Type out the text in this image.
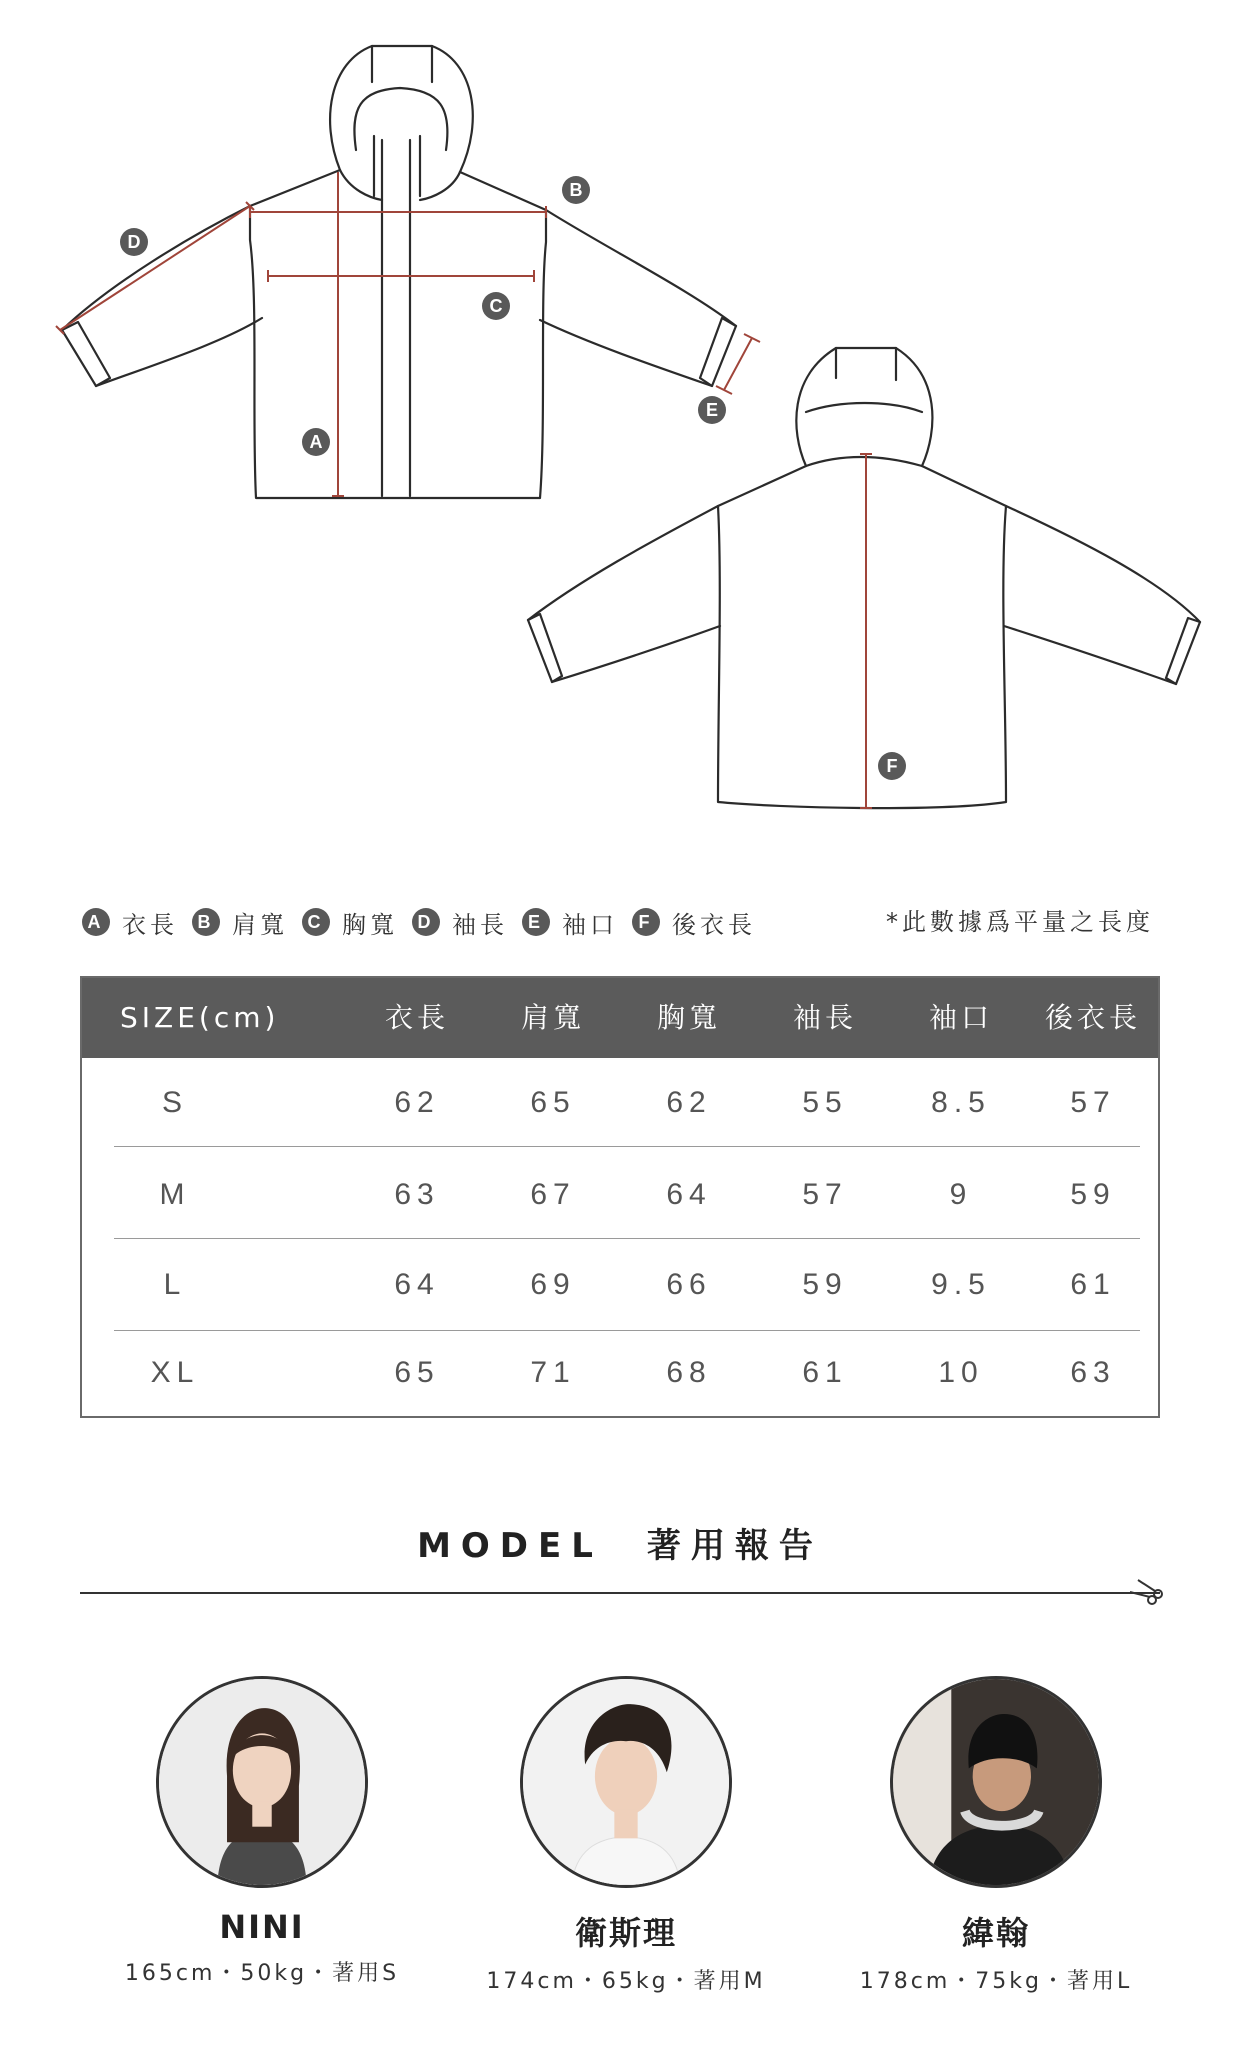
D
B
C
A
E
F
A 衣長	B 肩寬	C 胸寬	D 袖長	E 袖口	F 後衣長	*此數據爲平量之長度
SIZE(cm)	衣長	肩寬	胸寬	袖長	袖口	後衣長
S	62	65	62	55	8.5	57
M	63	67	64	57	9	59
L	64	69	66	59	9.5	61
XL	65	71	68	61	10	63
MODEL　著用報告
NINI
165cm・50kg・著用S
衛斯理
174cm・65kg・著用M
緯翰
178cm・75kg・著用L
